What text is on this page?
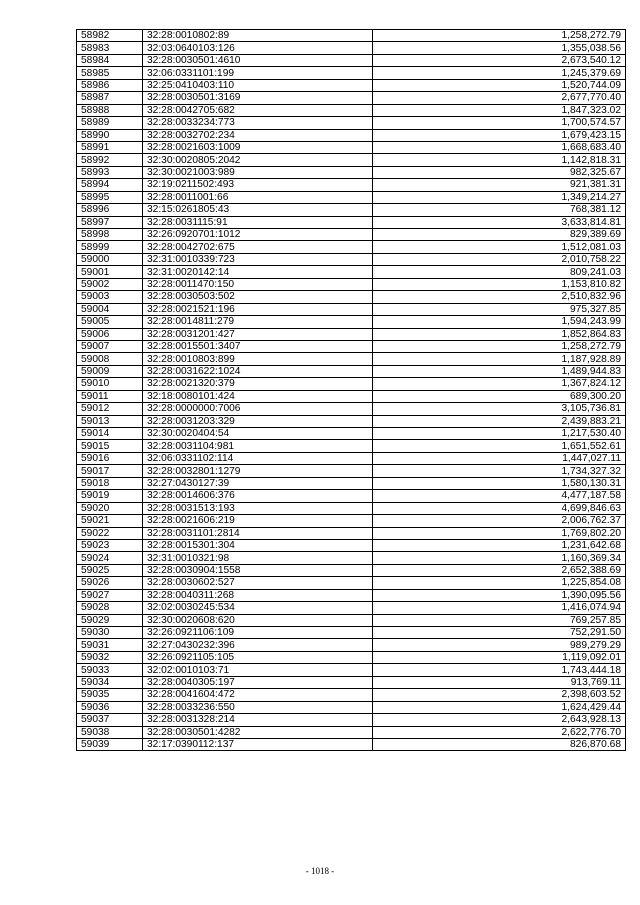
58982	32:28:0010802:89	1,258,272.79
58983	32:03:0640103:126	1,355,038.56
58984	32:28:0030501:4610	2,673,540.12
58985	32:06:0331101:199	1,245,379.69
58986	32:25:0410403:110	1,520,744.09
58987	32:28:0030501:3169	2,677,770.40
58988	32:28:0042705:682	1,847,323.02
58989	32:28:0033234:773	1,700,574.57
58990	32:28:0032702:234	1,679,423.15
58991	32:28:0021603:1009	1,668,683.40
58992	32:30:0020805:2042	1,142,818.31
58993	32:30:0021003:989	982,325.67
58994	32:19:0211502:493	921,381.31
58995	32:28:0011001:66	1,349,214.27
58996	32:15:0261805:43	768,381.12
58997	32:28:0031115:91	3,633,814.81
58998	32:26:0920701:1012	829,389.69
58999	32:28:0042702:675	1,512,081.03
59000	32:31:0010339:723	2,010,758.22
59001	32:31:0020142:14	809,241.03
59002	32:28:0011470:150	1,153,810.82
59003	32:28:0030503:502	2,510,832.96
59004	32:28:0021521:196	975,327.85
59005	32:28:0014811:279	1,594,243.99
59006	32:28:0031201:427	1,852,864.83
59007	32:28:0015501:3407	1,258,272.79
59008	32:28:0010803:899	1,187,928.89
59009	32:28:0031622:1024	1,489,944.83
59010	32:28:0021320:379	1,367,824.12
59011	32:18:0080101:424	689,300.20
59012	32:28:0000000:7006	3,105,736.81
59013	32:28:0031203:329	2,439,883.21
59014	32:30:0020404:54	1,217,530.40
59015	32:28:0031104:981	1,651,552.61
59016	32:06:0331102:114	1,447,027.11
59017	32:28:0032801:1279	1,734,327.32
59018	32:27:0430127:39	1,580,130.31
59019	32:28:0014606:376	4,477,187.58
59020	32:28:0031513:193	4,699,846.63
59021	32:28:0021606:219	2,006,762.37
59022	32:28:0031101:2814	1,769,802.20
59023	32:28:0015301:304	1,231,642.68
59024	32:31:0010321:98	1,160,369.34
59025	32:28:0030904:1558	2,652,388.69
59026	32:28:0030602:527	1,225,854.08
59027	32:28:0040311:268	1,390,095.56
59028	32:02:0030245:534	1,416,074.94
59029	32:30:0020608:620	769,257.85
59030	32:26:0921106:109	752,291.50
59031	32:27:0430232:396	989,279.29
59032	32:26:0921105:105	1,119,092.01
59033	32:02:0010103:71	1,743,444.18
59034	32:28:0040305:197	913,769.11
59035	32:28:0041604:472	2,398,603.52
59036	32:28:0033236:550	1,624,429.44
59037	32:28:0031328:214	2,643,928.13
59038	32:28:0030501:4282	2,622,776.70
59039	32:17:0390112:137	826,870.68
- 1018 -
